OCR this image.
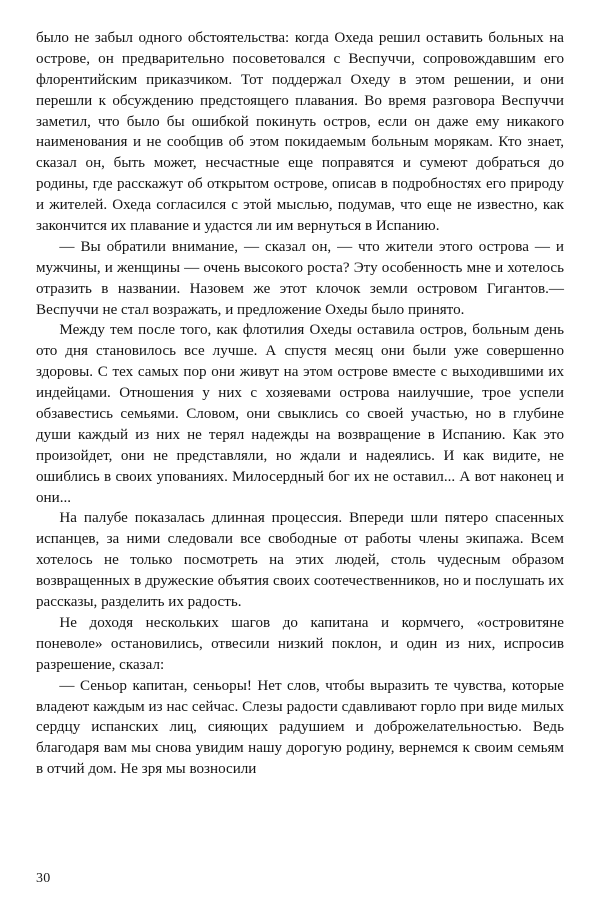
было не забыл одного обстоятельства: когда Охеда решил оставить больных на острове, он предварительно посоветовался с Веспуччи, сопровождавшим его флорентийским приказчиком. Тот поддержал Охеду в этом решении, и они перешли к обсуждению предстоящего плавания. Во время разговора Веспуччи заметил, что было бы ошибкой покинуть остров, если он даже ему никакого наименования и не сообщив об этом покидаемым больным морякам. Кто знает, сказал он, быть может, несчастные еще поправятся и сумеют добраться до родины, где расскажут об открытом острове, описав в подробностях его природу и жителей. Охеда согласился с этой мыслью, подумав, что еще не известно, как закончится их плавание и удастся ли им вернуться в Испанию.

— Вы обратили внимание, — сказал он, — что жители этого острова — и мужчины, и женщины — очень высокого роста? Эту особенность мне и хотелось отразить в названии. Назовем же этот клочок земли островом Гигантов.— Веспуччи не стал возражать, и предложение Охеды было принято.

Между тем после того, как флотилия Охеды оставила остров, больным день ото дня становилось все лучше. А спустя месяц они были уже совершенно здоровы. С тех самых пор они живут на этом острове вместе с выходившими их индейцами. Отношения у них с хозяевами острова наилучшие, трое успели обзавестись семьями. Словом, они свыклись со своей участью, но в глубине души каждый из них не терял надежды на возвращение в Испанию. Как это произойдет, они не представляли, но ждали и надеялись. И как видите, не ошиблись в своих упованиях. Милосердный бог их не оставил... А вот наконец и они...

На палубе показалась длинная процессия. Впереди шли пятеро спасенных испанцев, за ними следовали все свободные от работы члены экипажа. Всем хотелось не только посмотреть на этих людей, столь чудесным образом возвращенных в дружеские объятия своих соотечественников, но и послушать их рассказы, разделить их радость.

Не доходя нескольких шагов до капитана и кормчего, «островитяне поневоле» остановились, отвесили низкий поклон, и один из них, испросив разрешение, сказал:

— Сеньор капитан, сеньоры! Нет слов, чтобы выразить те чувства, которые владеют каждым из нас сейчас. Слезы радости сдавливают горло при виде милых сердцу испанских лиц, сияющих радушием и доброжелательностью. Ведь благодаря вам мы снова увидим нашу дорогую родину, вернемся к своим семьям в отчий дом. Не зря мы возносили

30
